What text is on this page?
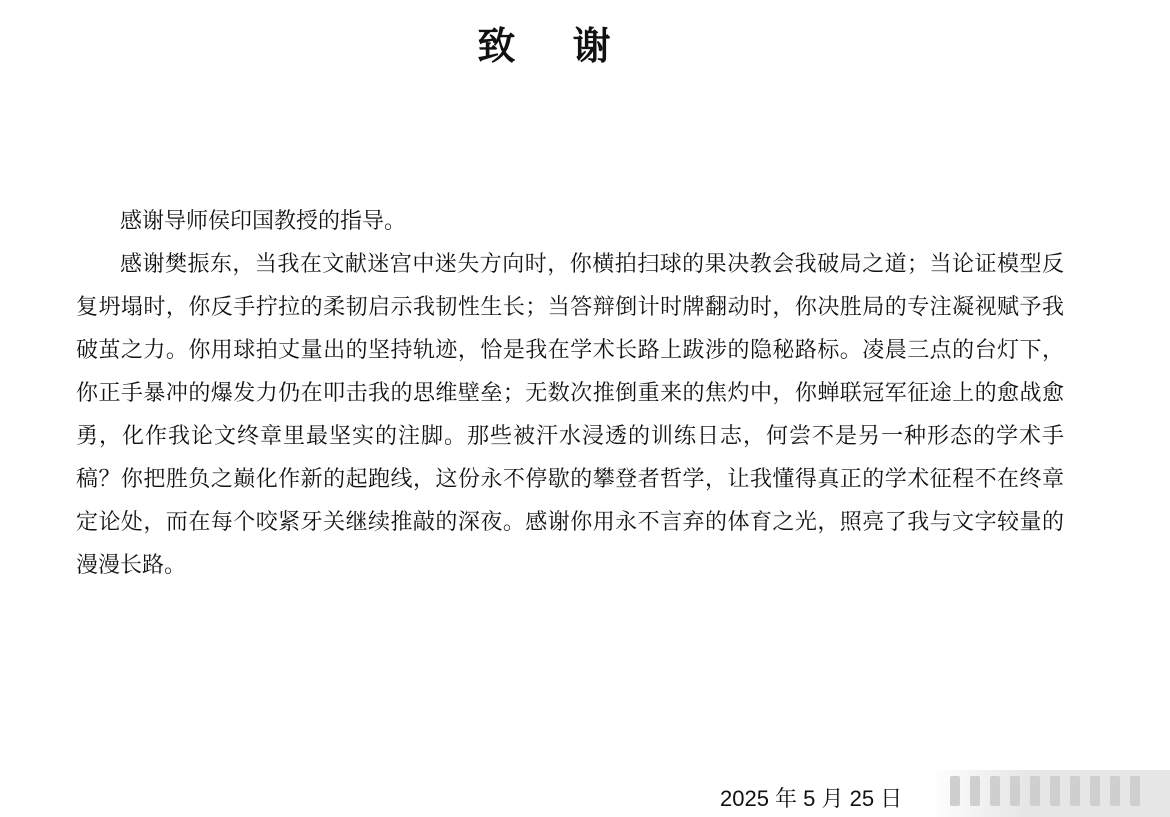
致 谢

感谢导师侯印国教授的指导。

感谢樊振东，当我在文献迷宫中迷失方向时，你横拍扫球的果决教会我破局之道；当论证模型反复坍塌时，你反手拧拉的柔韧启示我韧性生长；当答辩倒计时牌翻动时，你决胜局的专注凝视赋予我破茧之力。你用球拍丈量出的坚持轨迹，恰是我在学术长路上跋涉的隐秘路标。凌晨三点的台灯下，你正手暴冲的爆发力仍在叩击我的思维壁垒；无数次推倒重来的焦灼中，你蝉联冠军征途上的愈战愈勇，化作我论文终章里最坚实的注脚。那些被汗水浸透的训练日志，何尝不是另一种形态的学术手稿？你把胜负之巅化作新的起跑线，这份永不停歇的攀登者哲学，让我懂得真正的学术征程不在终章定论处，而在每个咬紧牙关继续推敲的深夜。感谢你用永不言弃的体育之光，照亮了我与文字较量的漫漫长路。

2025 年 5 月 25 日
